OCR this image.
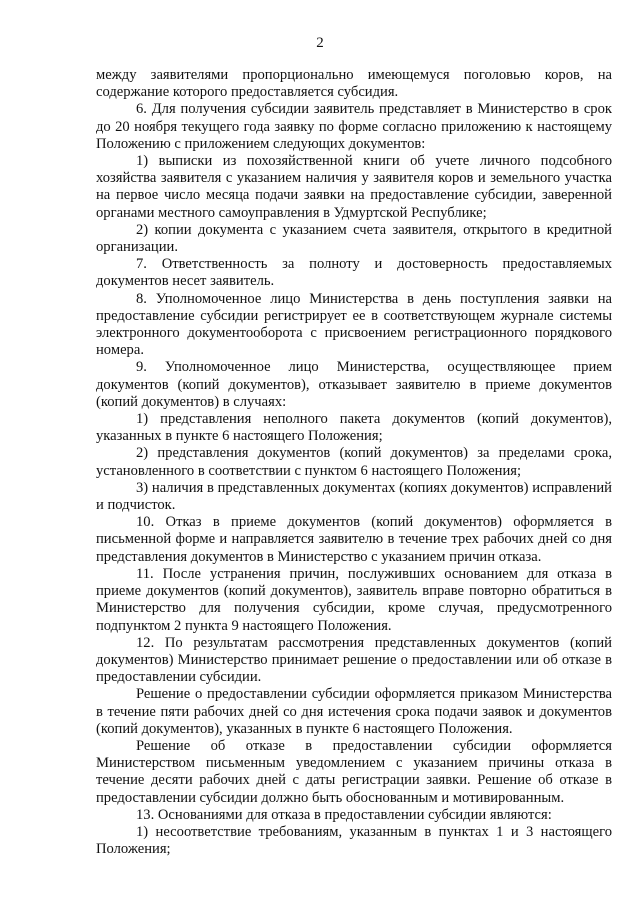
2

между заявителями пропорционально имеющемуся поголовью коров, на содержание которого предоставляется субсидия.

6. Для получения субсидии заявитель представляет в Министерство в срок до 20 ноября текущего года заявку по форме согласно приложению к настоящему Положению с приложением следующих документов:

1) выписки из похозяйственной книги об учете личного подсобного хозяйства заявителя с указанием наличия у заявителя коров и земельного участка на первое число месяца подачи заявки на предоставление субсидии, заверенной органами местного самоуправления в Удмуртской Республике;

2) копии документа с указанием счета заявителя, открытого в кредитной организации.

7. Ответственность за полноту и достоверность предоставляемых документов несет заявитель.

8. Уполномоченное лицо Министерства в день поступления заявки на предоставление субсидии регистрирует ее в соответствующем журнале системы электронного документооборота с присвоением регистрационного порядкового номера.

9. Уполномоченное лицо Министерства, осуществляющее прием документов (копий документов), отказывает заявителю в приеме документов (копий документов) в случаях:

1) представления неполного пакета документов (копий документов), указанных в пункте 6 настоящего Положения;

2) представления документов (копий документов) за пределами срока, установленного в соответствии с пунктом 6 настоящего Положения;

3) наличия в представленных документах (копиях документов) исправлений и подчисток.

10. Отказ в приеме документов (копий документов) оформляется в письменной форме и направляется заявителю в течение трех рабочих дней со дня представления документов в Министерство с указанием причин отказа.

11. После устранения причин, послуживших основанием для отказа в приеме документов (копий документов), заявитель вправе повторно обратиться в Министерство для получения субсидии, кроме случая, предусмотренного подпунктом 2 пункта 9 настоящего Положения.

12. По результатам рассмотрения представленных документов (копий документов) Министерство принимает решение о предоставлении или об отказе в предоставлении субсидии.

Решение о предоставлении субсидии оформляется приказом Министерства в течение пяти рабочих дней со дня истечения срока подачи заявок и документов (копий документов), указанных в пункте 6 настоящего Положения.

Решение об отказе в предоставлении субсидии оформляется Министерством письменным уведомлением с указанием причины отказа в течение десяти рабочих дней с даты регистрации заявки. Решение об отказе в предоставлении субсидии должно быть обоснованным и мотивированным.

13. Основаниями для отказа в предоставлении субсидии являются:

1) несоответствие требованиям, указанным в пунктах 1 и 3 настоящего Положения;
